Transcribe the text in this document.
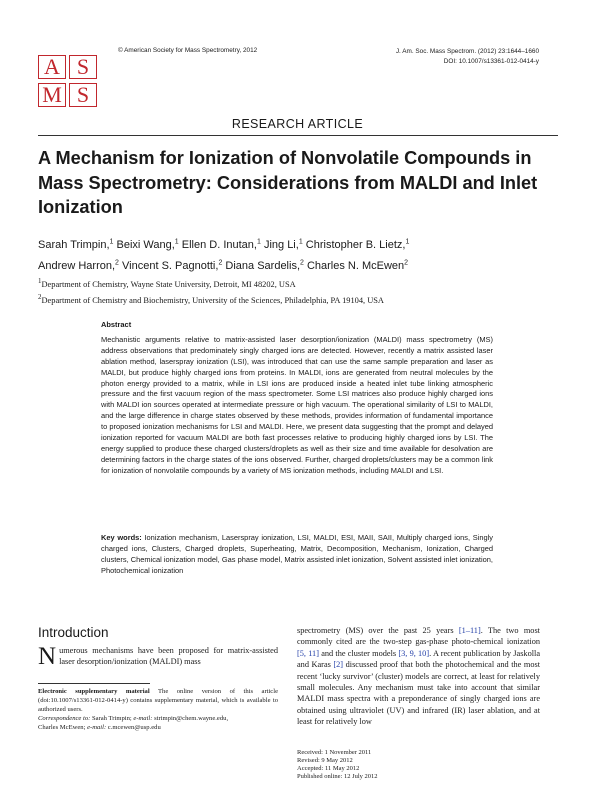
© American Society for Mass Spectrometry, 2012	J. Am. Soc. Mass Spectrom. (2012) 23:1644–1660
DOI: 10.1007/s13361-012-0414-y
A S
M S
RESEARCH ARTICLE
A Mechanism for Ionization of Nonvolatile Compounds in Mass Spectrometry: Considerations from MALDI and Inlet Ionization
Sarah Trimpin,$^1$ Beixi Wang,$^1$ Ellen D. Inutan,$^1$ Jing Li,$^1$ Christopher B. Lietz,$^1$
Andrew Harron,$^2$ Vincent S. Pagnotti,$^2$ Diana Sardelis,$^2$ Charles N. McEwen$^2$
$^1$Department of Chemistry, Wayne State University, Detroit, MI 48202, USA
$^2$Department of Chemistry and Biochemistry, University of the Sciences, Philadelphia, PA 19104, USA
Abstract
Mechanistic arguments relative to matrix-assisted laser desorption/ionization (MALDI) mass spectrometry (MS) address observations that predominately singly charged ions are detected. However, recently a matrix assisted laser ablation method, laserspray ionization (LSI), was introduced that can use the same sample preparation and laser as MALDI, but produce highly charged ions from proteins. In MALDI, ions are generated from neutral molecules by the photon energy provided to a matrix, while in LSI ions are produced inside a heated inlet tube linking atmospheric pressure and the first vacuum region of the mass spectrometer. Some LSI matrices also produce highly charged ions with MALDI ion sources operated at intermediate pressure or high vacuum. The operational similarity of LSI to MALDI, and the large difference in charge states observed by these methods, provides information of fundamental importance to proposed ionization mechanisms for LSI and MALDI. Here, we present data suggesting that the prompt and delayed ionization reported for vacuum MALDI are both fast processes relative to producing highly charged ions by LSI. The energy supplied to produce these charged clusters/droplets as well as their size and time available for desolvation are determining factors in the charge states of the ions observed. Further, charged droplets/clusters may be a common link for ionization of nonvolatile compounds by a variety of MS ionization methods, including MALDI and LSI.
Key words: Ionization mechanism, Laserspray ionization, LSI, MALDI, ESI, MAII, SAII, Multiply charged ions, Singly charged ions, Clusters, Charged droplets, Superheating, Matrix, Decomposition, Mechanism, Ionization, Charged clusters, Chemical ionization model, Gas phase model, Matrix assisted inlet ionization, Solvent assisted inlet ionization, Photochemical ionization
Introduction
N umerous mechanisms have been proposed for matrix-assisted laser desorption/ionization (MALDI) mass
Electronic supplementary material The online version of this article (doi:10.1007/s13361-012-0414-y) contains supplementary material, which is available to authorized users.
Correspondence to: Sarah Trimpin; e-mail: strimpin@chem.wayne.edu,
Charles McEwen; e-mail: c.mcewen@usp.edu
spectrometry (MS) over the past 25 years [1–11]. The two most commonly cited are the two-step gas-phase photo-chemical ionization [5, 11] and the cluster models [3, 9, 10]. A recent publication by Jaskolla and Karas [2] discussed proof that both the photochemical and the most recent ‘lucky survivor’ (cluster) models are correct, at least for relatively small molecules. Any mechanism must take into account that similar MALDI mass spectra with a preponderance of singly charged ions are obtained using ultraviolet (UV) and infrared (IR) laser ablation, and at least for relatively low
Received: 1 November 2011
Revised: 9 May 2012
Accepted: 11 May 2012
Published online: 12 July 2012
